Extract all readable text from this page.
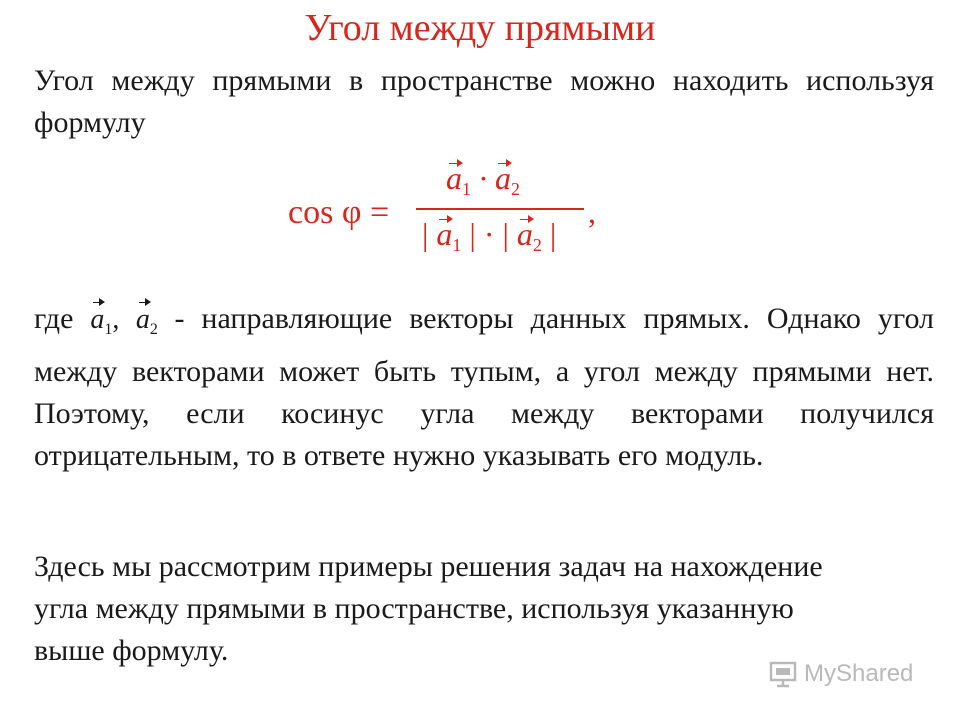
Угол между прямыми
Угол между прямыми в пространстве можно находить используя формулу
cos φ =
$a_1 \cdot a_2$
| $a_1$ | · | $a_2$ |
,
где $a_1$, $a_2$ - направляющие векторы данных прямых. Однако угол между векторами может быть тупым, а угол между прямыми нет. Поэтому, если косинус угла между векторами получился отрицательным, то в ответе нужно указывать его модуль.
Здесь мы рассмотрим примеры решения задач на нахождение угла между прямыми в пространстве, используя указанную выше формулу.
MyShared
